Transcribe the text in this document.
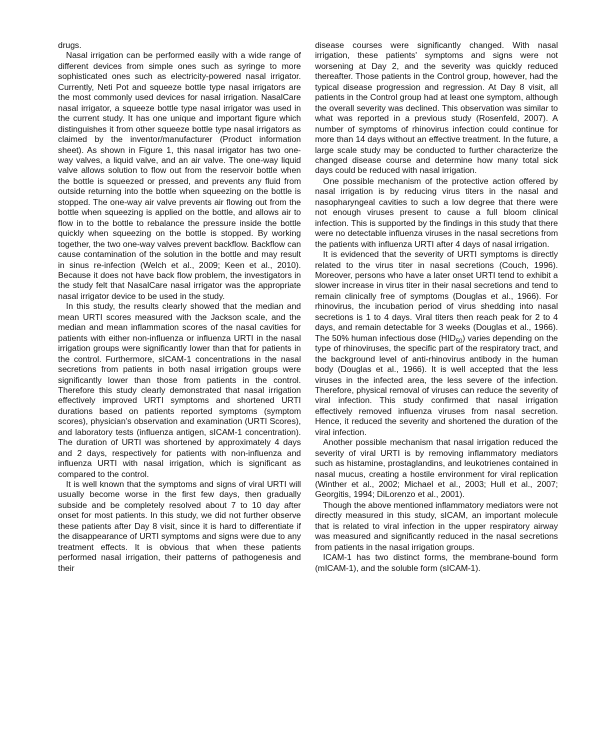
drugs.

Nasal irrigation can be performed easily with a wide range of different devices from simple ones such as syringe to more sophisticated ones such as electricity-powered nasal irrigator. Currently, Neti Pot and squeeze bottle type nasal irrigators are the most commonly used devices for nasal irrigation. NasalCare nasal irrigator, a squeeze bottle type nasal irrigator was used in the current study. It has one unique and important figure which distinguishes it from other squeeze bottle type nasal irrigators as claimed by the inventor/manufacturer (Product information sheet). As shown in Figure 1, this nasal irrigator has two one-way valves, a liquid valve, and an air valve. The one-way liquid valve allows solution to flow out from the reservoir bottle when the bottle is squeezed or pressed, and prevents any fluid from outside returning into the bottle when squeezing on the bottle is stopped. The one-way air valve prevents air flowing out from the bottle when squeezing is applied on the bottle, and allows air to flow in to the bottle to rebalance the pressure inside the bottle quickly when squeezing on the bottle is stopped. By working together, the two one-way valves prevent backflow. Backflow can cause contamination of the solution in the bottle and may result in sinus re-infection (Welch et al., 2009; Keen et al., 2010). Because it does not have back flow problem, the investigators in the study felt that NasalCare nasal irrigator was the appropriate nasal irrigator device to be used in the study.

In this study, the results clearly showed that the median and mean URTI scores measured with the Jackson scale, and the median and mean inflammation scores of the nasal cavities for patients with either non-influenza or influenza URTI in the nasal irrigation groups were significantly lower than that for patients in the control. Furthermore, sICAM-1 concentrations in the nasal secretions from patients in both nasal irrigation groups were significantly lower than those from patients in the control. Therefore this study clearly demonstrated that nasal irrigation effectively improved URTI symptoms and shortened URTI durations based on patients reported symptoms (symptom scores), physician's observation and examination (URTI Scores), and laboratory tests (influenza antigen, sICAM-1 concentration). The duration of URTI was shortened by approximately 4 days and 2 days, respectively for patients with non-influenza and influenza URTI with nasal irrigation, which is significant as compared to the control.

It is well known that the symptoms and signs of viral URTI will usually become worse in the first few days, then gradually subside and be completely resolved about 7 to 10 day after onset for most patients. In this study, we did not further observe these patients after Day 8 visit, since it is hard to differentiate if the disappearance of URTI symptoms and signs were due to any treatment effects. It is obvious that when these patients performed nasal irrigation, their patterns of pathogenesis and their

disease courses were significantly changed. With nasal irrigation, these patients' symptoms and signs were not worsening at Day 2, and the severity was quickly reduced thereafter. Those patients in the Control group, however, had the typical disease progression and regression. At Day 8 visit, all patients in the Control group had at least one symptom, although the overall severity was declined. This observation was similar to what was reported in a previous study (Rosenfeld, 2007). A number of symptoms of rhinovirus infection could continue for more than 14 days without an effective treatment. In the future, a large scale study may be conducted to further characterize the changed disease course and determine how many total sick days could be reduced with nasal irrigation.

One possible mechanism of the protective action offered by nasal irrigation is by reducing virus titers in the nasal and nasopharyngeal cavities to such a low degree that there were not enough viruses present to cause a full bloom clinical infection. This is supported by the findings in this study that there were no detectable influenza viruses in the nasal secretions from the patients with influenza URTI after 4 days of nasal irrigation.

It is evidenced that the severity of URTI symptoms is directly related to the virus titer in nasal secretions (Couch, 1996). Moreover, persons who have a later onset URTI tend to exhibit a slower increase in virus titer in their nasal secretions and tend to remain clinically free of symptoms (Douglas et al., 1966). For rhinovirus, the incubation period of virus shedding into nasal secretions is 1 to 4 days. Viral titers then reach peak for 2 to 4 days, and remain detectable for 3 weeks (Douglas et al., 1966). The 50% human infectious dose $(HID_{50})$ varies depending on the type of rhinoviruses, the specific part of the respiratory tract, and the background level of anti-rhinovirus antibody in the human body (Douglas et al., 1966). It is well accepted that the less viruses in the infected area, the less severe of the infection. Therefore, physical removal of viruses can reduce the severity of viral infection. This study confirmed that nasal irrigation effectively removed influenza viruses from nasal secretion. Hence, it reduced the severity and shortened the duration of the viral infection.

Another possible mechanism that nasal irrigation reduced the severity of viral URTI is by removing inflammatory mediators such as histamine, prostaglandins, and leukotrienes contained in nasal mucus, creating a hostile environment for viral replication (Winther et al., 2002; Michael et al., 2003; Hull et al., 2007; Georgitis, 1994; DiLorenzo et al., 2001).

Though the above mentioned inflammatory mediators were not directly measured in this study, sICAM, an important molecule that is related to viral infection in the upper respiratory airway was measured and significantly reduced in the nasal secretions from patients in the nasal irrigation groups.

ICAM-1 has two distinct forms, the membrane-bound form (mICAM-1), and the soluble form (sICAM-1).
